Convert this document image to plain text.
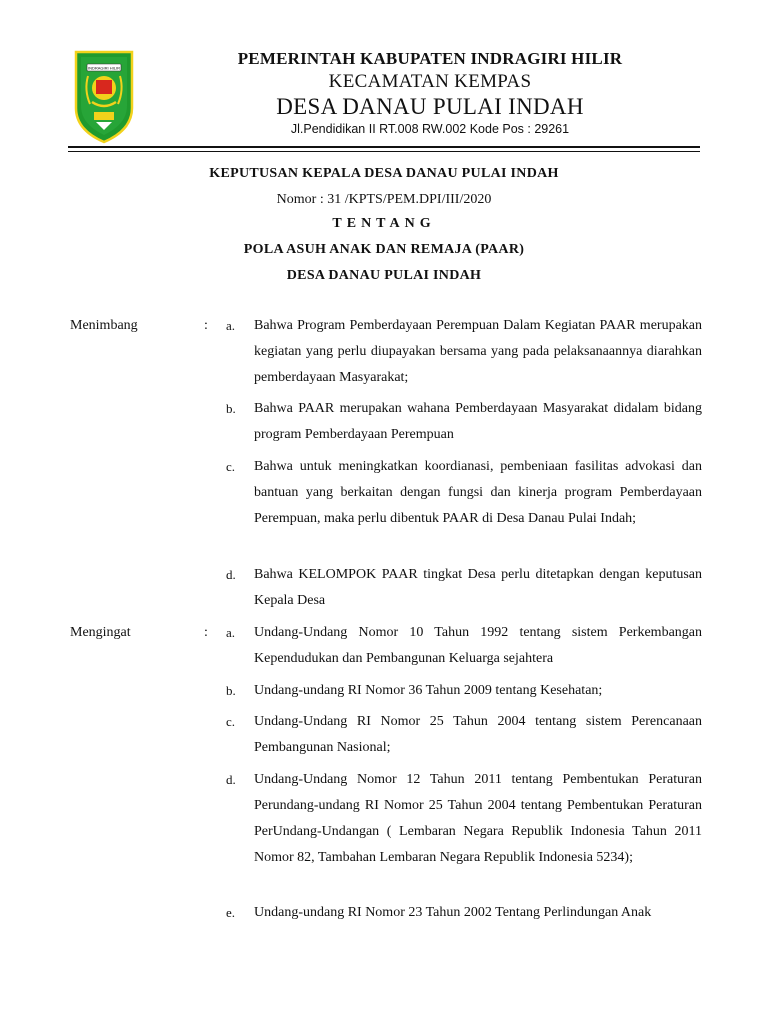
INDRAGIRI HILIR	PEMERINTAH KABUPATEN INDRAGIRI HILIR
KECAMATAN KEMPAS
DESA DANAU PULAI INDAH
Jl.Pendidikan II RT.008 RW.002 Kode Pos : 29261
KEPUTUSAN KEPALA DESA DANAU PULAI INDAH
Nomor : 31 /KPTS/PEM.DPI/III/2020
TENTANG
POLA ASUH ANAK DAN REMAJA (PAAR)
DESA DANAU PULAI INDAH
Menimbang	: a.	Bahwa Program Pemberdayaan Perempuan Dalam Kegiatan PAAR merupakan kegiatan yang perlu diupayakan bersama yang pada pelaksanaannya diarahkan pemberdayaan Masyarakat;
b.	Bahwa PAAR merupakan wahana Pemberdayaan Masyarakat didalam bidang program Pemberdayaan Perempuan
c.	Bahwa untuk meningkatkan koordianasi, pembeniaan fasilitas advokasi dan bantuan yang berkaitan dengan fungsi dan kinerja program Pemberdayaan Perempuan, maka perlu dibentuk PAAR di Desa Danau Pulai Indah;
d.	Bahwa KELOMPOK PAAR tingkat Desa perlu ditetapkan dengan keputusan Kepala Desa
Mengingat	: a.	Undang-Undang Nomor 10 Tahun 1992 tentang sistem Perkembangan Kependudukan dan Pembangunan Keluarga sejahtera
b.	Undang-undang RI Nomor 36 Tahun 2009 tentang Kesehatan;
c.	Undang-Undang RI Nomor 25 Tahun 2004 tentang sistem Perencanaan Pembangunan Nasional;
d.	Undang-Undang Nomor 12 Tahun 2011 tentang Pembentukan Peraturan Perundang-undang RI Nomor 25 Tahun 2004 tentang Pembentukan Peraturan PerUndang-Undangan ( Lembaran Negara Republik Indonesia Tahun 2011 Nomor 82, Tambahan Lembaran Negara Republik Indonesia 5234);
e.	Undang-undang RI Nomor 23 Tahun 2002 Tentang Perlindungan Anak
